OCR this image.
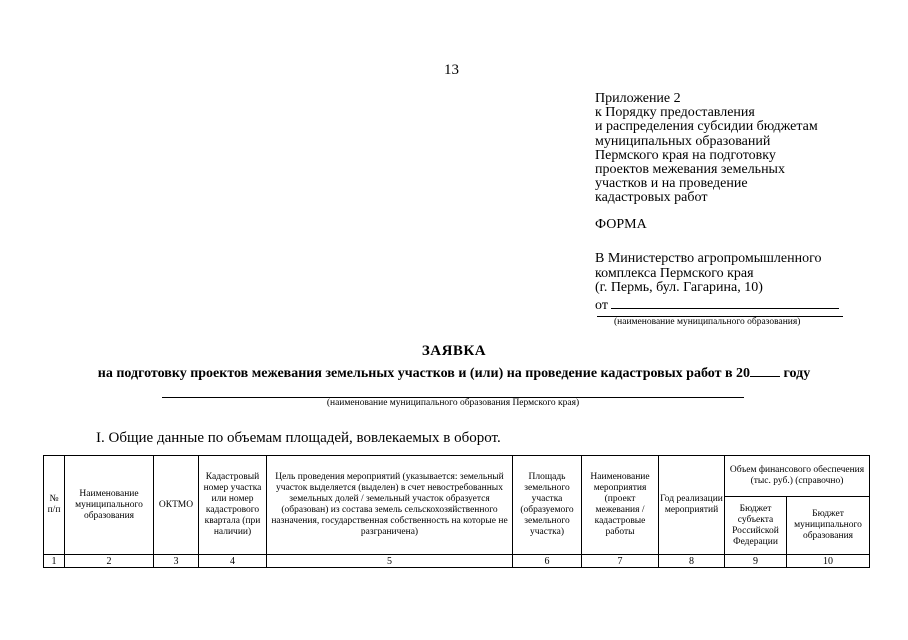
13
Приложение 2
к Порядку предоставления
и распределения субсидии бюджетам
муниципальных образований
Пермского края на подготовку
проектов межевания земельных
участков и на проведение
кадастровых работ
ФОРМА
В Министерство агропромышленного
комплекса Пермского края
(г. Пермь, бул. Гагарина, 10)
от
(наименование муниципального образования)
ЗАЯВКА
на подготовку проектов межевания земельных участков и (или) на проведение кадастровых работ в 20 году
(наименование муниципального образования Пермского края)
I. Общие данные по объемам площадей, вовлекаемых в оборот.
№ п/п	Наименование муниципального образования	ОКТМО	Кадастровый номер участка или номер кадастрового квартала (при наличии)	Цель проведения мероприятий (указывается: земельный участок выделяется (выделен) в счет невостребованных земельных долей / земельный участок образуется (образован) из состава земель сельскохозяйственного назначения, государственная собственность на которые не разграничена)	Площадь земельного участка (образуемого земельного участка)	Наименование мероприятия (проект межевания / кадастровые работы	Год реализации мероприятий	Объем финансового обеспечения (тыс. руб.) (справочно)	
								Бюджет субъекта Российской Федерации	Бюджет муниципального образования
1	2	3	4	5	6	7	8	9	10
